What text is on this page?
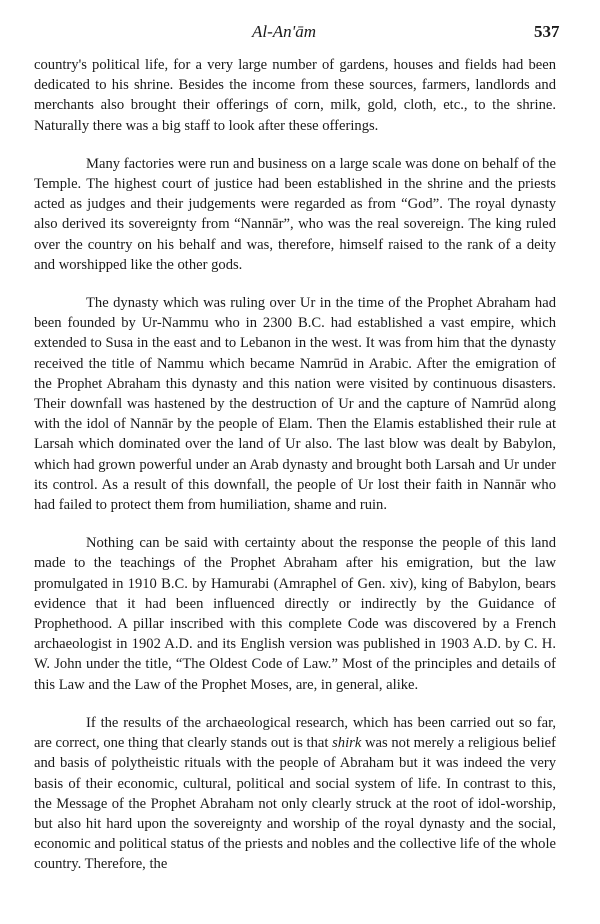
Al-An'ām	537

country's political life, for a very large number of gardens, houses and fields had been dedicated to his shrine. Besides the income from these sources, farmers, landlords and merchants also brought their offerings of corn, milk, gold, cloth, etc., to the shrine. Naturally there was a big staff to look after these offerings.

Many factories were run and business on a large scale was done on behalf of the Temple. The highest court of justice had been established in the shrine and the priests acted as judges and their judgements were regarded as from “God”. The royal dynasty also derived its sovereignty from “Nannār”, who was the real sovereign. The king ruled over the country on his behalf and was, therefore, himself raised to the rank of a deity and worshipped like the other gods.

The dynasty which was ruling over Ur in the time of the Prophet Abraham had been founded by Ur-Nammu who in 2300 B.C. had established a vast empire, which extended to Susa in the east and to Lebanon in the west. It was from him that the dynasty received the title of Nammu which became Namrūd in Arabic. After the emigration of the Prophet Abraham this dynasty and this nation were visited by continuous disasters. Their downfall was hastened by the destruction of Ur and the capture of Namrūd along with the idol of Nannār by the people of Elam. Then the Elamis established their rule at Larsah which dominated over the land of Ur also. The last blow was dealt by Babylon, which had grown powerful under an Arab dynasty and brought both Larsah and Ur under its control. As a result of this downfall, the people of Ur lost their faith in Nannār who had failed to protect them from humiliation, shame and ruin.

Nothing can be said with certainty about the response the people of this land made to the teachings of the Prophet Abraham after his emigration, but the law promulgated in 1910 B.C. by Hamurabi (Amraphel of Gen. xiv), king of Babylon, bears evidence that it had been influenced directly or indirectly by the Guidance of Prophethood. A pillar inscribed with this complete Code was discovered by a French archaeologist in 1902 A.D. and its English version was published in 1903 A.D. by C. H. W. John under the title, “The Oldest Code of Law.” Most of the principles and details of this Law and the Law of the Prophet Moses, are, in general, alike.

If the results of the archaeological research, which has been carried out so far, are correct, one thing that clearly stands out is that shirk was not merely a religious belief and basis of polytheistic rituals with the people of Abraham but it was indeed the very basis of their economic, cultural, political and social system of life. In contrast to this, the Message of the Prophet Abraham not only clearly struck at the root of idol-worship, but also hit hard upon the sovereignty and worship of the royal dynasty and the social, economic and political status of the priests and nobles and the collective life of the whole country. Therefore, the
